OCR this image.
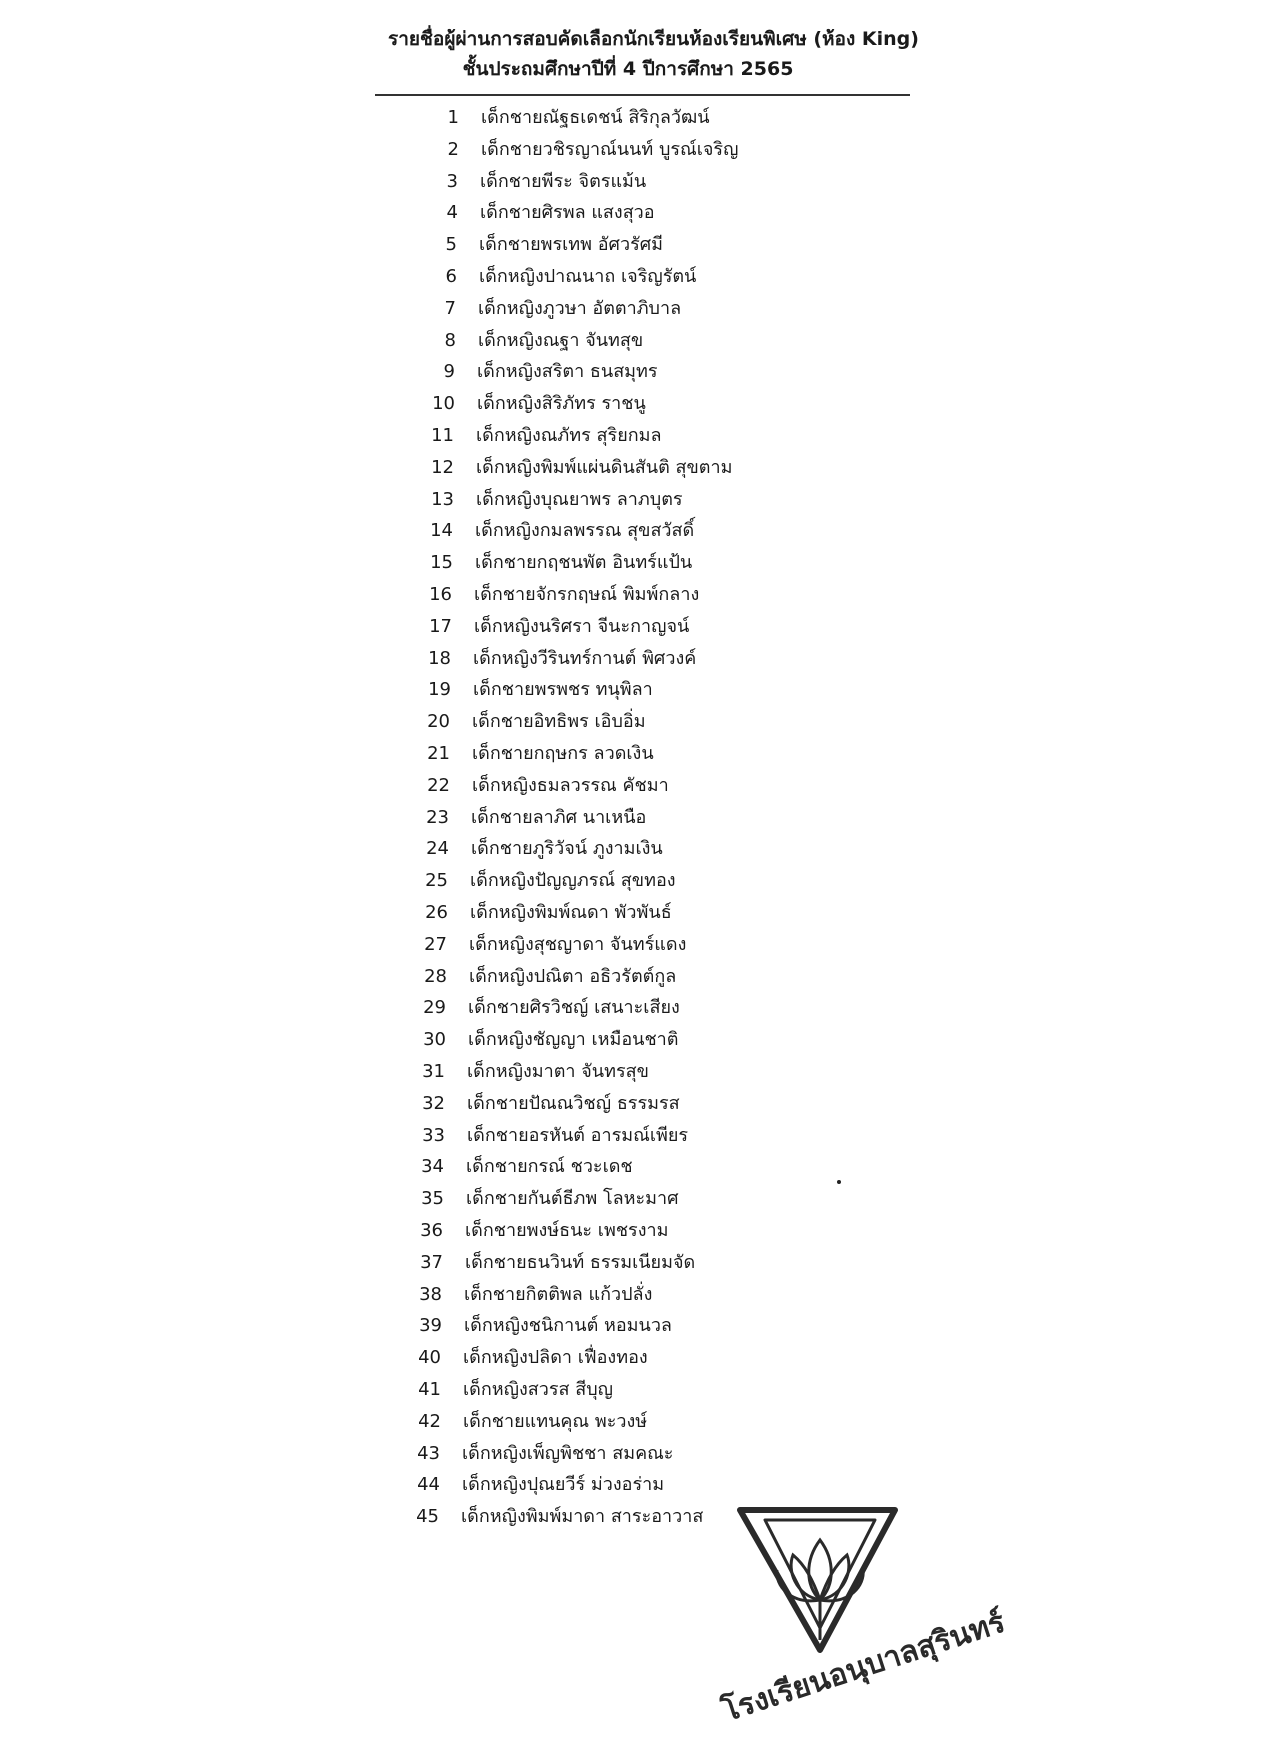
รายชื่อผู้ผ่านการสอบคัดเลือกนักเรียนห้องเรียนพิเศษ (ห้อง King)
ชั้นประถมศึกษาปีที่ 4 ปีการศึกษา 2565
1 เด็กชายณัฐธเดชน์ สิริกุลวัฒน์
2 เด็กชายวชิรญาณ์นนท์ บูรณ์เจริญ
3 เด็กชายพีระ จิตรแม้น
4 เด็กชายศิรพล แสงสุวอ
5 เด็กชายพรเทพ อัศวรัศมี
6 เด็กหญิงปาณนาถ เจริญรัตน์
7 เด็กหญิงภูวษา อัตตาภิบาล
8 เด็กหญิงณฐา จันทสุข
9 เด็กหญิงสริตา ธนสมุทร
10 เด็กหญิงสิริภัทร ราชนู
11 เด็กหญิงณภัทร สุริยกมล
12 เด็กหญิงพิมพ์แผ่นดินสันติ สุขตาม
13 เด็กหญิงบุณยาพร ลาภบุตร
14 เด็กหญิงกมลพรรณ สุขสวัสดิ์
15 เด็กชายกฤชนพัต อินทร์แป้น
16 เด็กชายจักรกฤษณ์ พิมพ์กลาง
17 เด็กหญิงนริศรา จีนะกาญจน์
18 เด็กหญิงวีรินทร์กานต์ พิศวงค์
19 เด็กชายพรพชร ทนุพิลา
20 เด็กชายอิทธิพร เอิบอิ่ม
21 เด็กชายกฤษกร ลวดเงิน
22 เด็กหญิงธมลวรรณ คัชมา
23 เด็กชายลาภิศ นาเหนือ
24 เด็กชายภูริวัจน์ ภูงามเงิน
25 เด็กหญิงปัญญภรณ์ สุขทอง
26 เด็กหญิงพิมพ์ณดา พัวพันธ์
27 เด็กหญิงสุชญาดา จันทร์แดง
28 เด็กหญิงปณิตา อธิวรัตต์กูล
29 เด็กชายศิรวิชญ์ เสนาะเสียง
30 เด็กหญิงชัญญา เหมือนชาติ
31 เด็กหญิงมาตา จันทรสุข
32 เด็กชายปัณณวิชญ์ ธรรมรส
33 เด็กชายอรหันต์ อารมณ์เพียร
34 เด็กชายกรณ์ ชวะเดช
35 เด็กชายกันต์ธีภพ โลหะมาศ
36 เด็กชายพงษ์ธนะ เพชรงาม
37 เด็กชายธนวินท์ ธรรมเนียมจัด
38 เด็กชายกิตติพล แก้วปลั่ง
39 เด็กหญิงชนิกานต์ หอมนวล
40 เด็กหญิงปลิดา เฟื่องทอง
41 เด็กหญิงสวรส สีบุญ
42 เด็กชายแทนคุณ พะวงษ์
43 เด็กหญิงเพ็ญพิชชา สมคณะ
44 เด็กหญิงปุณยวีร์ ม่วงอร่าม
45 เด็กหญิงพิมพ์มาดา สาระอาวาส
โรงเรียนอนุบาลสุรินทร์
